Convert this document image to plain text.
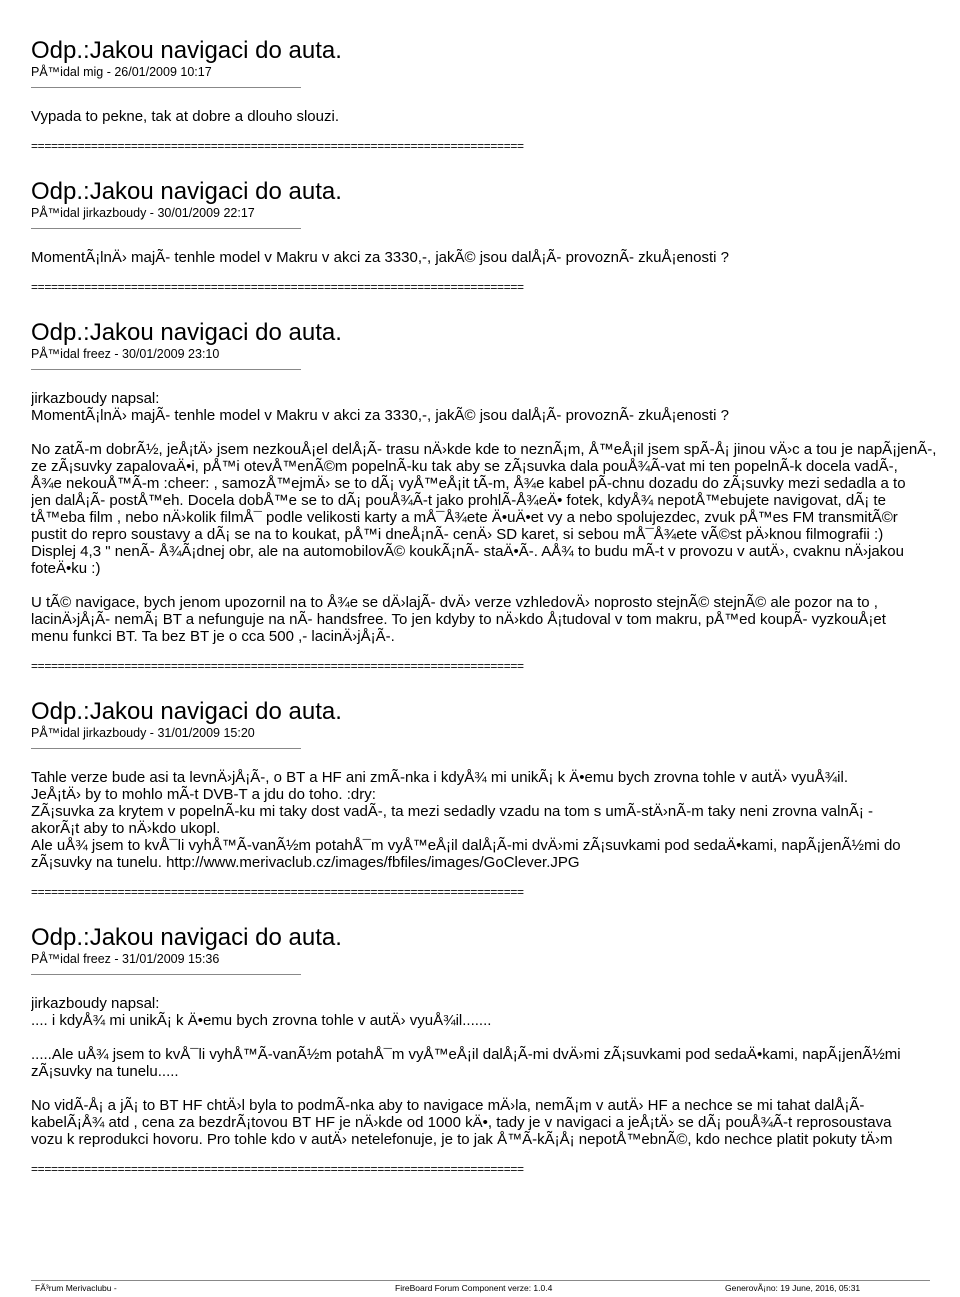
Odp.:Jakou navigaci do auta.
PÅ™idal mig - 26/01/2009 10:17
Vypada to pekne, tak at dobre a dlouho slouzi.
==========================================================================
Odp.:Jakou navigaci do auta.
PÅ™idal jirkazboudy - 30/01/2009 22:17
MomentÃ¡lnÄ› majÃ- tenhle model v Makru v akci za 3330,-, jakÃ© jsou dalÅ¡Ã- provoznÃ- zkuÅ¡enosti ?
==========================================================================
Odp.:Jakou navigaci do auta.
PÅ™idal freez - 30/01/2009 23:10
jirkazboudy napsal:
MomentÃ¡lnÄ› majÃ- tenhle model v Makru v akci za 3330,-, jakÃ© jsou dalÅ¡Ã- provoznÃ- zkuÅ¡enosti ?
No zatÃ-m dobrÃ½, jeÅ¡tÄ› jsem nezkouÅ¡el delÅ¡Ã- trasu nÄ›kde kde to neznÃ¡m, Å™eÅ¡il jsem spÃ-Å¡ jinou vÄ›c a tou je napÃ¡jenÃ-,
ze zÃ¡suvky zapalovaÄ•i, pÅ™i otevÅ™enÃ©m popelnÃ-ku tak aby se zÃ¡suvka dala pouÅ¾Ã-vat mi ten popelnÃ-k docela vadÃ-,
Å¾e nekouÅ™Ã-m :cheer: , samozÅ™ejmÄ› se to dÃ¡ vyÅ™eÅ¡it tÃ-m, Å¾e kabel pÃ-chnu dozadu do zÃ¡suvky mezi sedadla a to
jen dalÅ¡Ã- postÅ™eh. Docela dobÅ™e se to dÃ¡ pouÅ¾Ã-t jako prohlÃ-Å¾eÄ• fotek, kdyÅ¾ nepotÅ™ebujete navigovat, dÃ¡ te
tÅ™eba film , nebo nÄ›kolik filmÅ¯ podle velikosti karty a mÅ¯Å¾ete Ä•uÄ•et vy a nebo spolujezdec, zvuk pÅ™es FM transmitÃ©r
pustit do repro soustavy a dÃ¡ se na to koukat, pÅ™i dneÅ¡nÃ- cenÄ› SD karet, si sebou mÅ¯Å¾ete vÃ©st pÄ›knou filmografii :)
Displej 4,3 " nenÃ- Å¾Ã¡dnej obr, ale na automobilovÃ© koukÃ¡nÃ- staÄ•Ã-. AÅ¾ to budu mÃ-t v provozu v autÄ›, cvaknu nÄ›jakou
foteÄ•ku :)
U tÃ© navigace, bych jenom upozornil na to Å¾e se dÄ›lajÃ- dvÄ› verze vzhledovÄ› noprosto stejnÃ© stejnÃ© ale pozor na to ,
lacinÄ›jÅ¡Ã- nemÃ¡ BT a nefunguje na nÃ- handsfree. To jen kdyby to nÄ›kdo Å¡tudoval v tom makru, pÅ™ed koupÃ- vyzkouÅ¡et
menu funkci BT. Ta bez BT je o cca 500 ,- lacinÄ›jÅ¡Ã-.
==========================================================================
Odp.:Jakou navigaci do auta.
PÅ™idal jirkazboudy - 31/01/2009 15:20
Tahle verze bude asi ta levnÄ›jÅ¡Ã-, o BT a HF ani zmÃ-nka i kdyÅ¾ mi unikÃ¡ k Ä•emu bych zrovna tohle v autÄ› vyuÅ¾il.
JeÅ¡tÄ› by to mohlo mÃ-t DVB-T a jdu do toho. :dry:
ZÃ¡suvka za krytem v popelnÃ-ku mi taky dost vadÃ-, ta mezi sedadly vzadu na tom s umÃ-stÄ›nÃ-m taky neni zrovna valnÃ¡ -
akorÃ¡t aby to nÄ›kdo ukopl.
Ale uÅ¾ jsem to kvÅ¯li vyhÅ™Ã-vanÃ½m potahÅ¯m vyÅ™eÅ¡il dalÅ¡Ã-mi dvÄ›mi zÃ¡suvkami pod sedaÄ•kami, napÃ¡jenÃ½mi do
zÃ¡suvky na tunelu. http://www.merivaclub.cz/images/fbfiles/images/GoClever.JPG
==========================================================================
Odp.:Jakou navigaci do auta.
PÅ™idal freez - 31/01/2009 15:36
jirkazboudy napsal:
.... i kdyÅ¾ mi unikÃ¡ k Ä•emu bych zrovna tohle v autÄ› vyuÅ¾il.......
.....Ale uÅ¾ jsem to kvÅ¯li vyhÅ™Ã-vanÃ½m potahÅ¯m vyÅ™eÅ¡il dalÅ¡Ã-mi dvÄ›mi zÃ¡suvkami pod sedaÄ•kami, napÃ¡jenÃ½mi
zÃ¡suvky na tunelu.....
No vidÃ-Å¡ a jÃ¡ to BT HF chtÄ›l byla to podmÃ-nka aby to navigace mÄ›la, nemÃ¡m v autÄ› HF a nechce se mi tahat dalÅ¡Ã-
kabelÃ¡Å¾ atd , cena za bezdrÃ¡tovou BT HF je nÄ›kde od 1000 kÄ•, tady je v navigaci a jeÅ¡tÄ› se dÃ¡ pouÅ¾Ã-t reprosoustava
vozu k reprodukci hovoru. Pro tohle kdo v autÄ› netelefonuje, je to jak Å™Ã-kÃ¡Å¡ nepotÅ™ebnÃ©, kdo nechce platit pokuty tÄ›m
==========================================================================
FÃ³rum Merivaclubu -	FireBoard Forum Component verze: 1.0.4	GenerovÃ¡no: 19 June, 2016, 05:31
